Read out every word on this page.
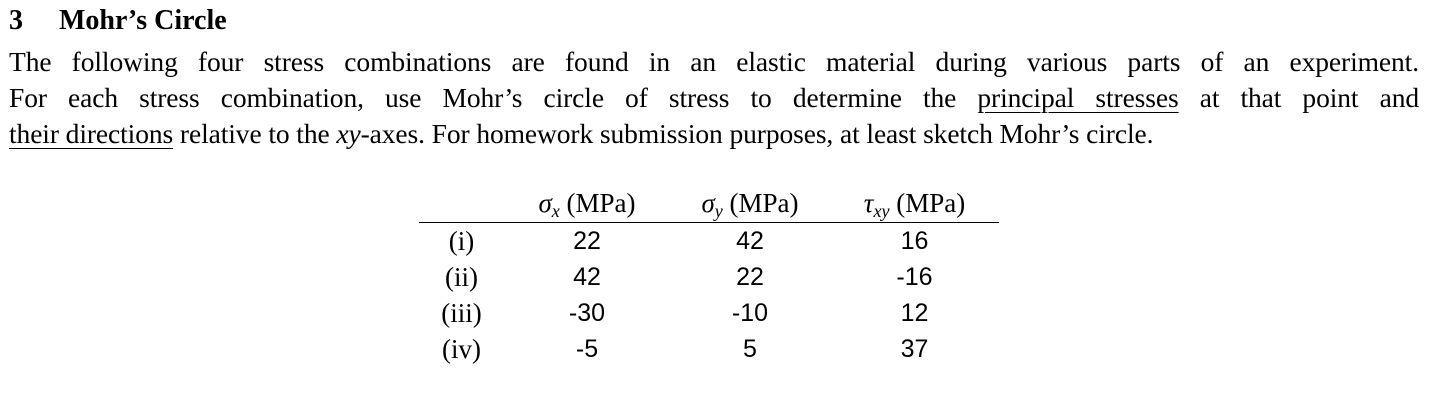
3 Mohr’s Circle
The following four stress combinations are found in an elastic material during various parts of an experiment.
For each stress combination, use Mohr’s circle of stress to determine the principal stresses at that point and
their directions relative to the xy-axes. For homework submission purposes, at least sketch Mohr’s circle.
	$\sigma_x$ (MPa)	$\sigma_y$ (MPa)	$\tau_{xy}$ (MPa)
(i)	22	42	16
(ii)	42	22	-16
(iii)	-30	-10	12
(iv)	-5	5	37
